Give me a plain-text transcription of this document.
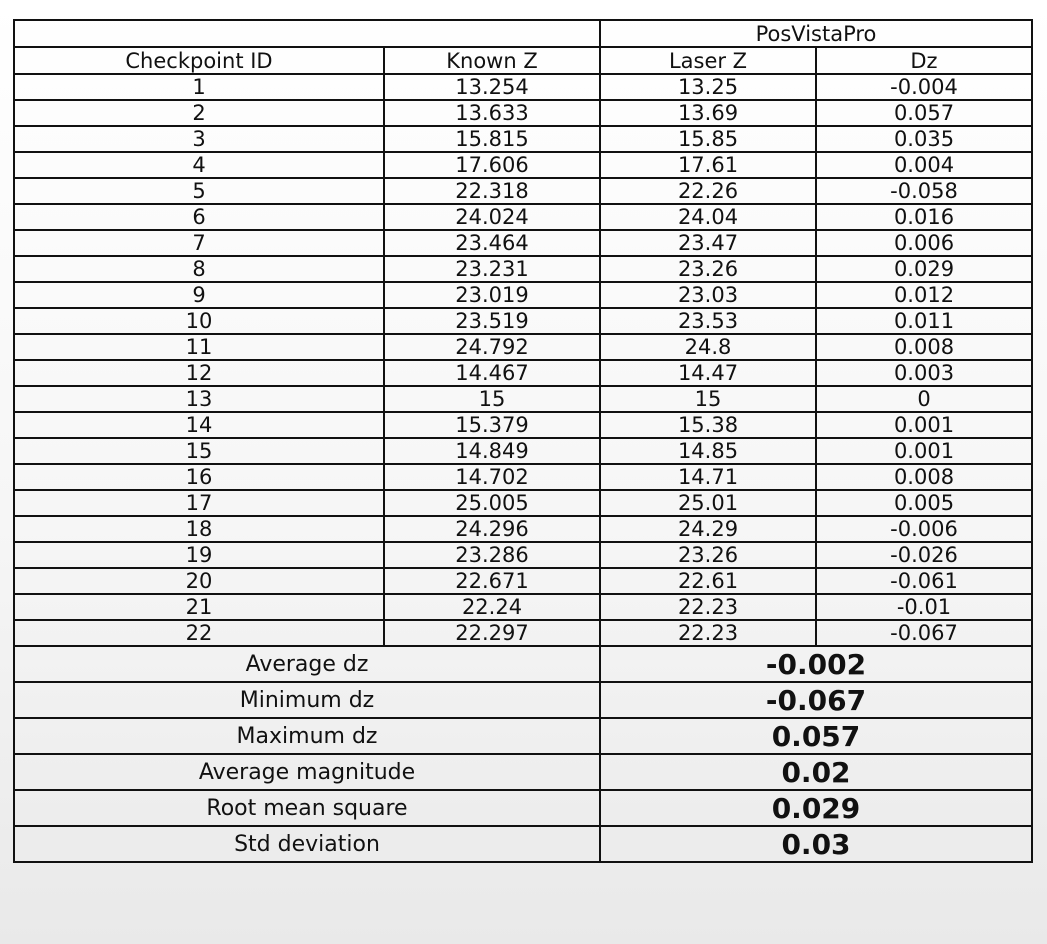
		PosVistaPro	
Checkpoint ID	Known Z	Laser Z	Dz
1	13.254	13.25	-0.004
2	13.633	13.69	0.057
3	15.815	15.85	0.035
4	17.606	17.61	0.004
5	22.318	22.26	-0.058
6	24.024	24.04	0.016
7	23.464	23.47	0.006
8	23.231	23.26	0.029
9	23.019	23.03	0.012
10	23.519	23.53	0.011
11	24.792	24.8	0.008
12	14.467	14.47	0.003
13	15	15	0
14	15.379	15.38	0.001
15	14.849	14.85	0.001
16	14.702	14.71	0.008
17	25.005	25.01	0.005
18	24.296	24.29	-0.006
19	23.286	23.26	-0.026
20	22.671	22.61	-0.061
21	22.24	22.23	-0.01
22	22.297	22.23	-0.067
Average dz		-0.002	
Minimum dz		-0.067	
Maximum dz		0.057	
Average magnitude		0.02	
Root mean square		0.029	
Std deviation		0.03	
